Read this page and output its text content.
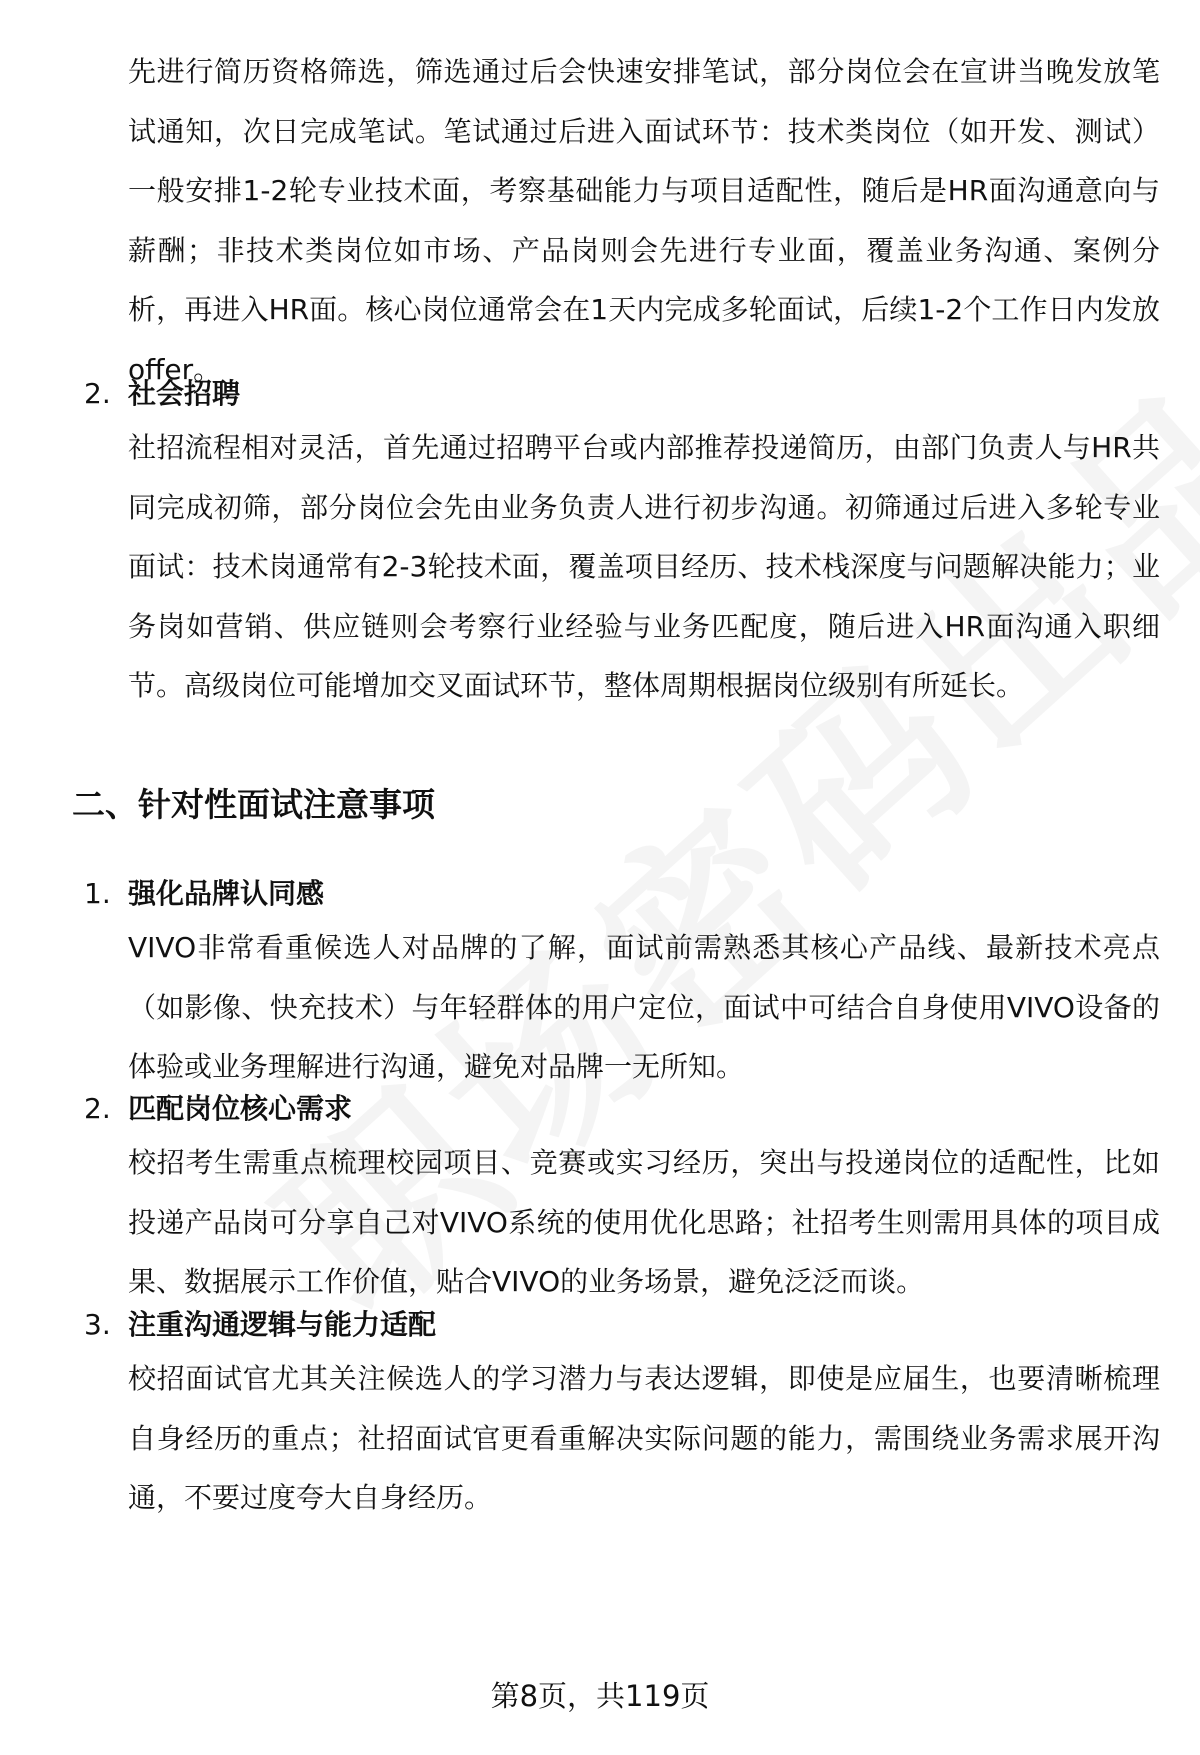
先进行简历资格筛选，筛选通过后会快速安排笔试，部分岗位会在宣讲当晚发放笔试通知，次日完成笔试。笔试通过后进入面试环节：技术类岗位（如开发、测试）一般安排1-2轮专业技术面，考察基础能力与项目适配性，随后是HR面沟通意向与薪酬；非技术类岗位如市场、产品岗则会先进行专业面，覆盖业务沟通、案例分析，再进入HR面。核心岗位通常会在1天内完成多轮面试，后续1-2个工作日内发放offer。

2. 社会招聘

社招流程相对灵活，首先通过招聘平台或内部推荐投递简历，由部门负责人与HR共同完成初筛，部分岗位会先由业务负责人进行初步沟通。初筛通过后进入多轮专业面试：技术岗通常有2-3轮技术面，覆盖项目经历、技术栈深度与问题解决能力；业务岗如营销、供应链则会考察行业经验与业务匹配度，随后进入HR面沟通入职细节。高级岗位可能增加交叉面试环节，整体周期根据岗位级别有所延长。

二、针对性面试注意事项
1. 强化品牌认同感

VIVO非常看重候选人对品牌的了解，面试前需熟悉其核心产品线、最新技术亮点（如影像、快充技术）与年轻群体的用户定位，面试中可结合自身使用VIVO设备的体验或业务理解进行沟通，避免对品牌一无所知。

2. 匹配岗位核心需求

校招考生需重点梳理校园项目、竞赛或实习经历，突出与投递岗位的适配性，比如投递产品岗可分享自己对VIVO系统的使用优化思路；社招考生则需用具体的项目成果、数据展示工作价值，贴合VIVO的业务场景，避免泛泛而谈。

3. 注重沟通逻辑与能力适配

校招面试官尤其关注候选人的学习潜力与表达逻辑，即使是应届生，也要清晰梳理自身经历的重点；社招面试官更看重解决实际问题的能力，需围绕业务需求展开沟通，不要过度夸大自身经历。

第8页，共119页
